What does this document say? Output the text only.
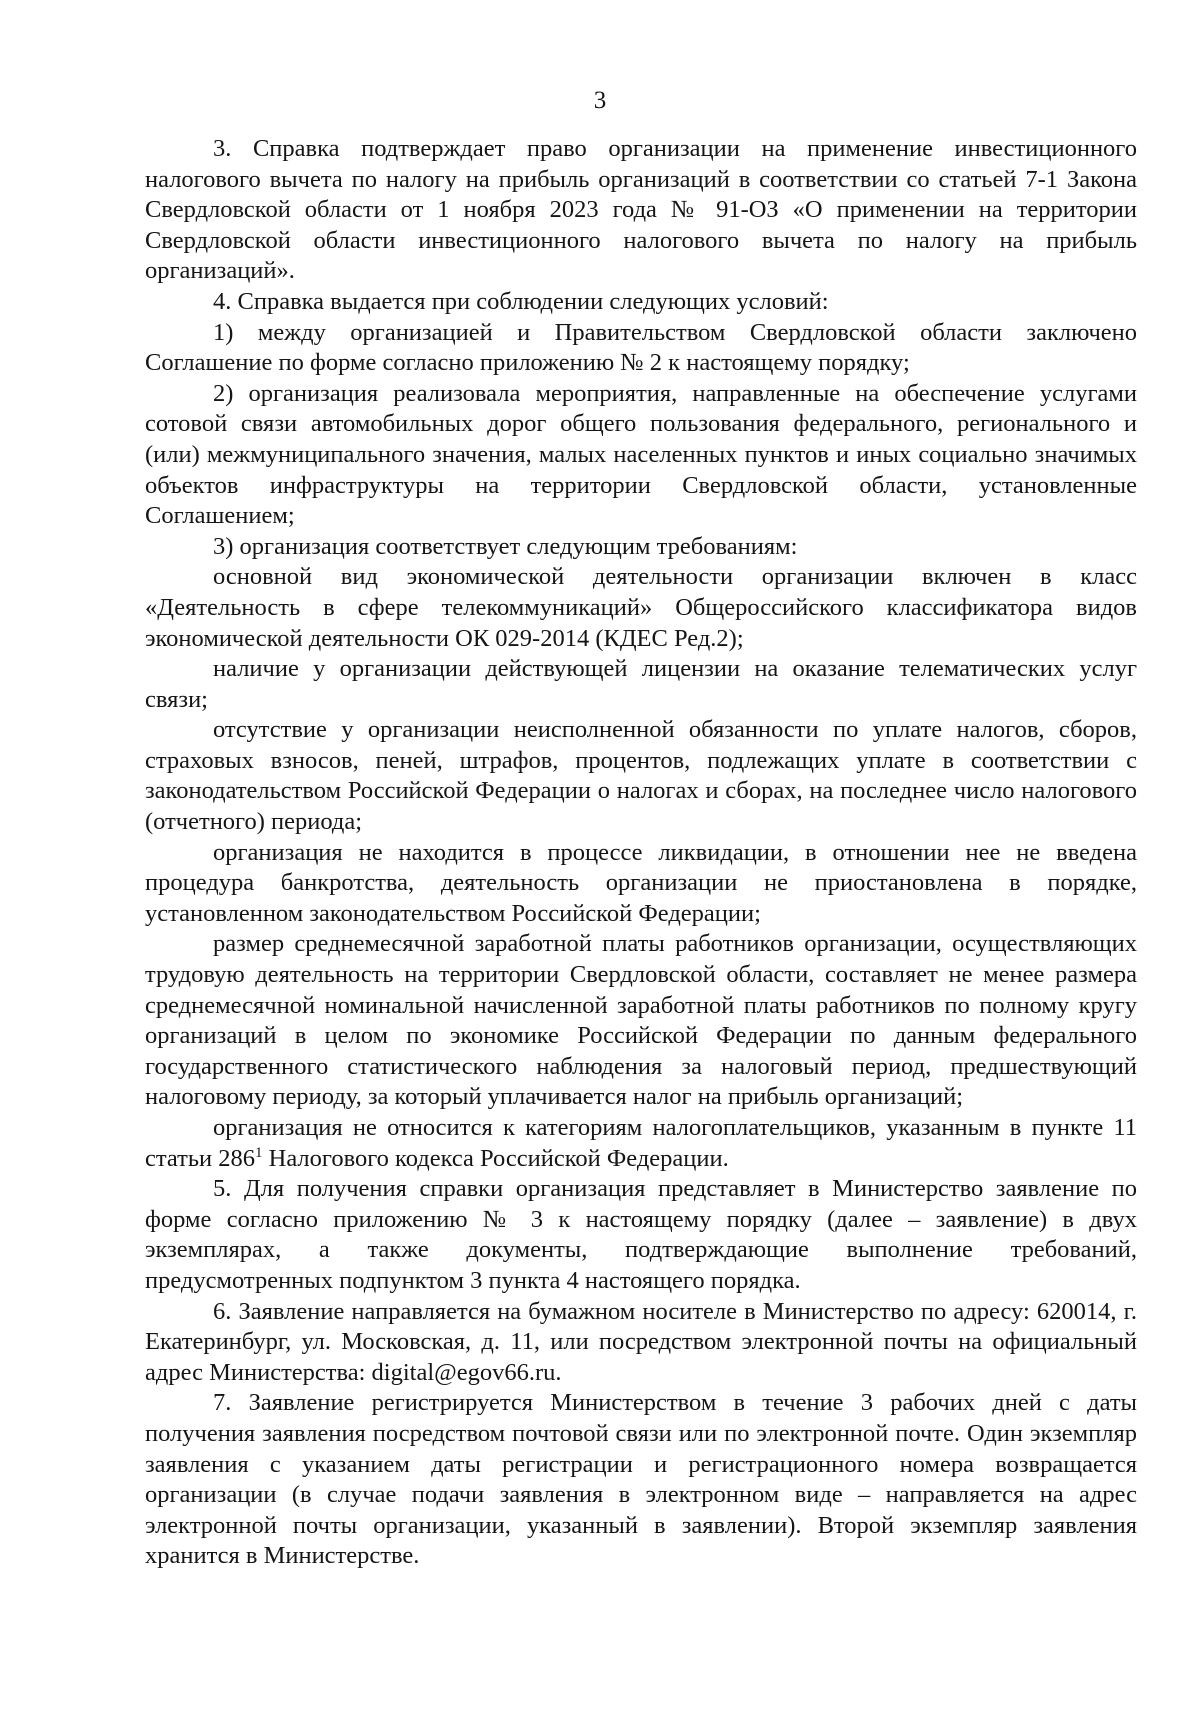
3

3. Справка подтверждает право организации на применение инвестиционного налогового вычета по налогу на прибыль организаций в соответствии со статьей 7-1 Закона Свердловской области от 1 ноября 2023 года № 91-ОЗ «О применении на территории Свердловской области инвестиционного налогового вычета по налогу на прибыль организаций».

4. Справка выдается при соблюдении следующих условий:

1) между организацией и Правительством Свердловской области заключено Соглашение по форме согласно приложению № 2 к настоящему порядку;

2) организация реализовала мероприятия, направленные на обеспечение услугами сотовой связи автомобильных дорог общего пользования федерального, регионального и (или) межмуниципального значения, малых населенных пунктов и иных социально значимых объектов инфраструктуры на территории Свердловской области, установленные Соглашением;

3) организация соответствует следующим требованиям:

основной вид экономической деятельности организации включен в класс «Деятельность в сфере телекоммуникаций» Общероссийского классификатора видов экономической деятельности ОК 029-2014 (КДЕС Ред.2);

наличие у организации действующей лицензии на оказание телематических услуг связи;

отсутствие у организации неисполненной обязанности по уплате налогов, сборов, страховых взносов, пеней, штрафов, процентов, подлежащих уплате в соответствии с законодательством Российской Федерации о налогах и сборах, на последнее число налогового (отчетного) периода;

организация не находится в процессе ликвидации, в отношении нее не введена процедура банкротства, деятельность организации не приостановлена в порядке, установленном законодательством Российской Федерации;

размер среднемесячной заработной платы работников организации, осуществляющих трудовую деятельность на территории Свердловской области, составляет не менее размера среднемесячной номинальной начисленной заработной платы работников по полному кругу организаций в целом по экономике Российской Федерации по данным федерального государственного статистического наблюдения за налоговый период, предшествующий налоговому периоду, за который уплачивается налог на прибыль организаций;

организация не относится к категориям налогоплательщиков, указанным в пункте 11 статьи $286^1$ Налогового кодекса Российской Федерации.

5. Для получения справки организация представляет в Министерство заявление по форме согласно приложению № 3 к настоящему порядку (далее – заявление) в двух экземплярах, а также документы, подтверждающие выполнение требований, предусмотренных подпунктом 3 пункта 4 настоящего порядка.

6. Заявление направляется на бумажном носителе в Министерство по адресу: 620014, г. Екатеринбург, ул. Московская, д. 11, или посредством электронной почты на официальный адрес Министерства: digital@egov66.ru.

7. Заявление регистрируется Министерством в течение 3 рабочих дней с даты получения заявления посредством почтовой связи или по электронной почте. Один экземпляр заявления с указанием даты регистрации и регистрационного номера возвращается организации (в случае подачи заявления в электронном виде – направляется на адрес электронной почты организации, указанный в заявлении). Второй экземпляр заявления хранится в Министерстве.
